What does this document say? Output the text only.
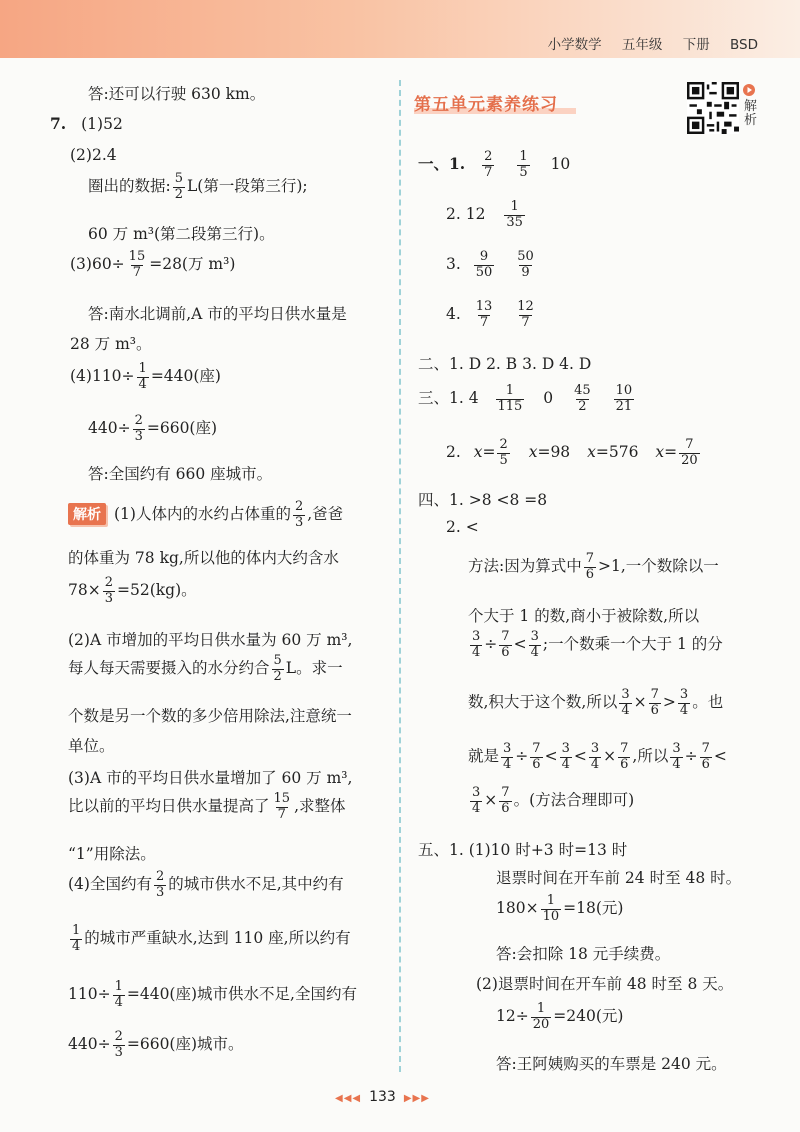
小学数学 五年级 下册 BSD
答:还可以行驶 630 km。
7. (1)52
(2)2.4
圈出的数据: $\frac{5}{2} L$(第一段第三行);
60 万 m³(第二段第三行)。
$(3)60\div \frac{15}{7} =28$(万 m³)
答:南水北调前,A 市的平均日供水量是
28 万 m³。
$(4)110\div \frac{1}{4} =440$(座)
$440\div \frac{2}{3} =660$(座)
答:全国约有 660 座城市。
解析 (1)人体内的水约占体重的 $\frac{2}{3}$ ,爸爸
的体重为 78 kg,所以他的体内大约含水
$78\times \frac{2}{3} =52(kg)$。
(2)A 市增加的平均日供水量为 60 万 m³,
每人每天需要摄入的水分约合 $\frac{5}{2}$ L。求一
个数是另一个数的多少倍用除法,注意统一
单位。
(3)A 市的平均日供水量增加了 60 万 m³,
比以前的平均日供水量提高了 $\frac{15}{7}$ ,求整体
“1”用除法。
(4)全国约有 $\frac{2}{3}$ 的城市供水不足,其中约有
$\frac{1}{4}$ 的城市严重缺水,达到 110 座,所以约有
$110\div \frac{1}{4} =440$(座)城市供水不足,全国约有
$440\div \frac{2}{3} =660$(座)城市。
第五单元素养练习	解析
一、1. $\frac{2}{7}$
$\frac{1}{5} 10$
2. $12 \frac{1}{35}$
3. $\frac{9}{50}$
$\frac{50}{9}$
4. $\frac{13}{7}$
$\frac{12}{7}$
二、1. D 2. B 3. D 4. D
三、1. $4 \frac{1}{115} 0 \frac{45}{2}$
$\frac{10}{21}$
2. $x= \frac{2}{5} x=98$ x=576 $x= \frac{7}{20}$
四、1. >8 <8 =8
2. <
方法:因为算式中 $\frac{7}{6} >1$,一个数除以一
个大于 1 的数,商小于被除数,所以
$\frac{3}{4} \div \frac{7}{6} < \frac{3}{4}$ ;一个数乘一个大于 1 的分
数,积大于这个数,所以 $\frac{3}{4} \times \frac{7}{6} > \frac{3}{4}$ 。也
就是 $\frac{3}{4} \div \frac{7}{6} < \frac{3}{4} < \frac{3}{4} \times \frac{7}{6}$ ,所以 $\frac{3}{4} \div \frac{7}{6}$ <
$\frac{3}{4} \times \frac{7}{6}$ 。(方法合理即可)
五、1. (1)10 时+3 时=13 时
退票时间在开车前 24 时至 48 时。
$180\times \frac{1}{10} =18$(元)
答:会扣除 18 元手续费。
(2)退票时间在开车前 48 时至 8 天。
$12\div \frac{1}{20} =240$(元)
答:王阿姨购买的车票是 240 元。
◀◀◀ 133 ▶▶▶
